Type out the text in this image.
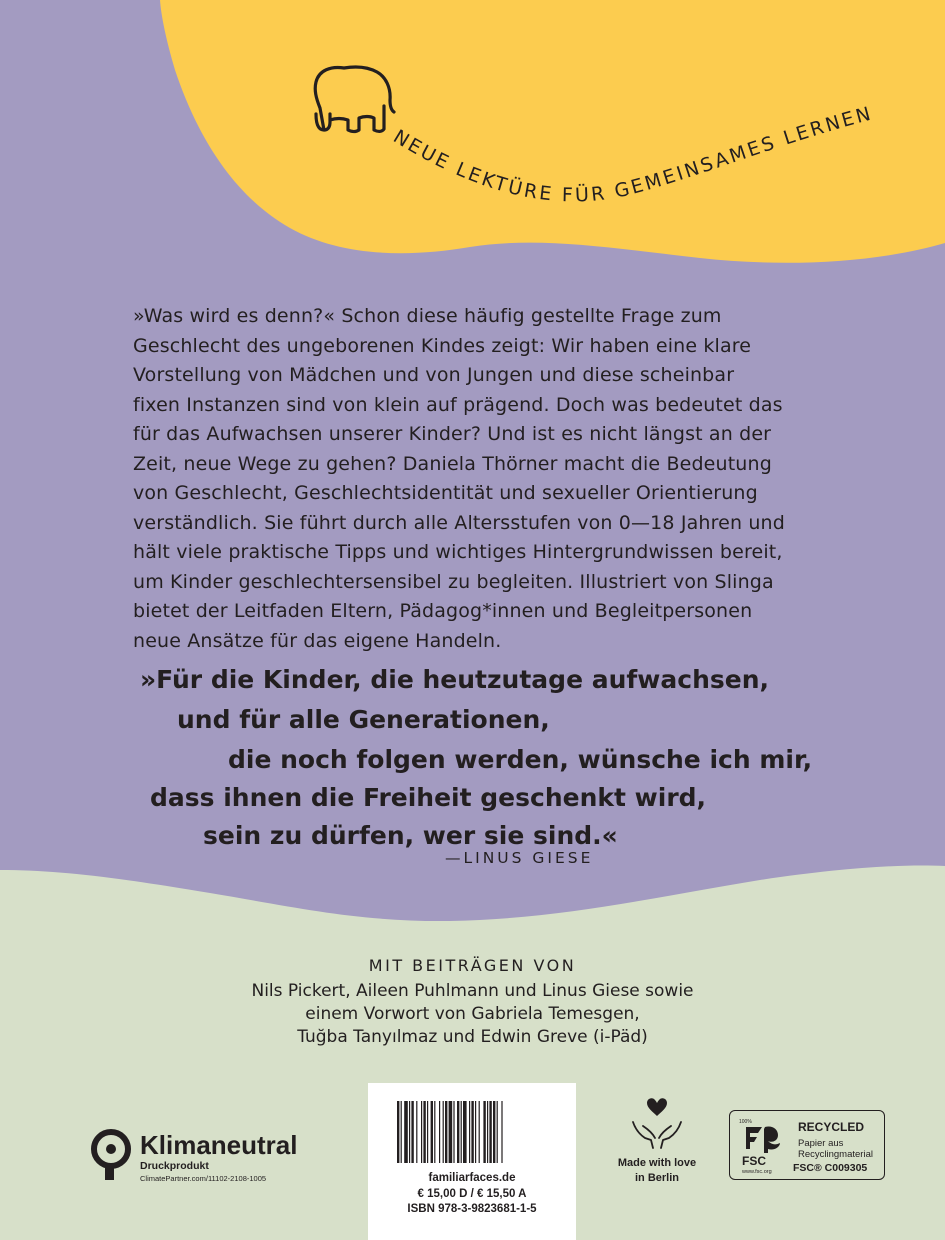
NEUE LEKTÜRE FÜR GEMEINSAMES LERNEN

»Was wird es denn?« Schon diese häufig gestellte Frage zum

Geschlecht des ungeborenen Kindes zeigt: Wir haben eine klare

Vorstellung von Mädchen und von Jungen und diese scheinbar

fixen Instanzen sind von klein auf prägend. Doch was bedeutet das

für das Aufwachsen unserer Kinder? Und ist es nicht längst an der

Zeit, neue Wege zu gehen? Daniela Thörner macht die Bedeutung

von Geschlecht, Geschlechtsidentität und sexueller Orientierung

verständlich. Sie führt durch alle Altersstufen von 0—18 Jahren und

hält viele praktische Tipps und wichtiges Hintergrundwissen bereit,

um Kinder geschlechtersensibel zu begleiten. Illustriert von Slinga

bietet der Leitfaden Eltern, Pädagog*innen und Begleitpersonen

neue Ansätze für das eigene Handeln.

»Für die Kinder, die heutzutage aufwachsen,
und für alle Generationen,
die noch folgen werden, wünsche ich mir,
dass ihnen die Freiheit geschenkt wird,
sein zu dürfen, wer sie sind.«
—LINUS GIESE
MIT BEITRÄGEN VON
Nils Pickert, Aileen Puhlmann und Linus Giese sowie
einem Vorwort von Gabriela Temesgen,
Tuğba Tanyılmaz und Edwin Greve (i-Päd)
Klimaneutral
Druckprodukt
ClimatePartner.com/11102-2108-1005	familiarfaces.de
€ 15,00 D / € 15,50 A
ISBN 978-3-9823681-1-5
Made with love
in Berlin
100%
FSC
www.fsc.org
RECYCLED
Papier aus
Recyclingmaterial
FSC® C009305
